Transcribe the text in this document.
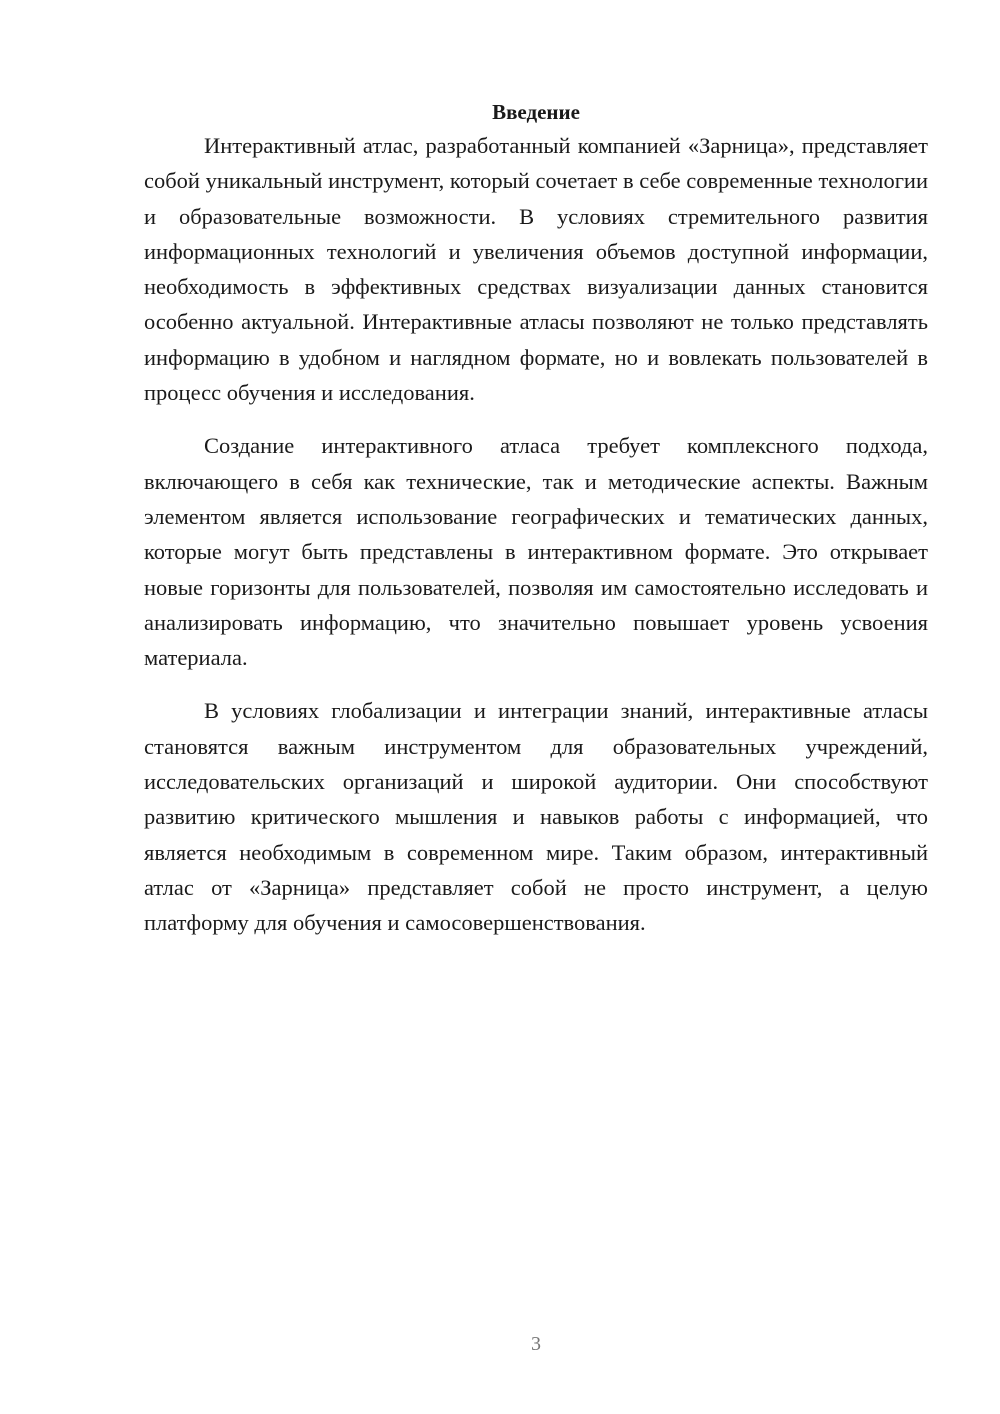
Введение

Интерактивный атлас, разработанный компанией «Зарница», представляет собой уникальный инструмент, который сочетает в себе современные технологии и образовательные возможности. В условиях стремительного развития информационных технологий и увеличения объемов доступной информации, необходимость в эффективных средствах визуализации данных становится особенно актуальной. Интерактивные атласы позволяют не только представлять информацию в удобном и наглядном формате, но и вовлекать пользователей в процесс обучения и исследования.

Создание интерактивного атласа требует комплексного подхода, включающего в себя как технические, так и методические аспекты. Важным элементом является использование географических и тематических данных, которые могут быть представлены в интерактивном формате. Это открывает новые горизонты для пользователей, позволяя им самостоятельно исследовать и анализировать информацию, что значительно повышает уровень усвоения материала.

В условиях глобализации и интеграции знаний, интерактивные атласы становятся важным инструментом для образовательных учреждений, исследовательских организаций и широкой аудитории. Они способствуют развитию критического мышления и навыков работы с информацией, что является необходимым в современном мире. Таким образом, интерактивный атлас от «Зарница» представляет собой не просто инструмент, а целую платформу для обучения и самосовершенствования.

3
